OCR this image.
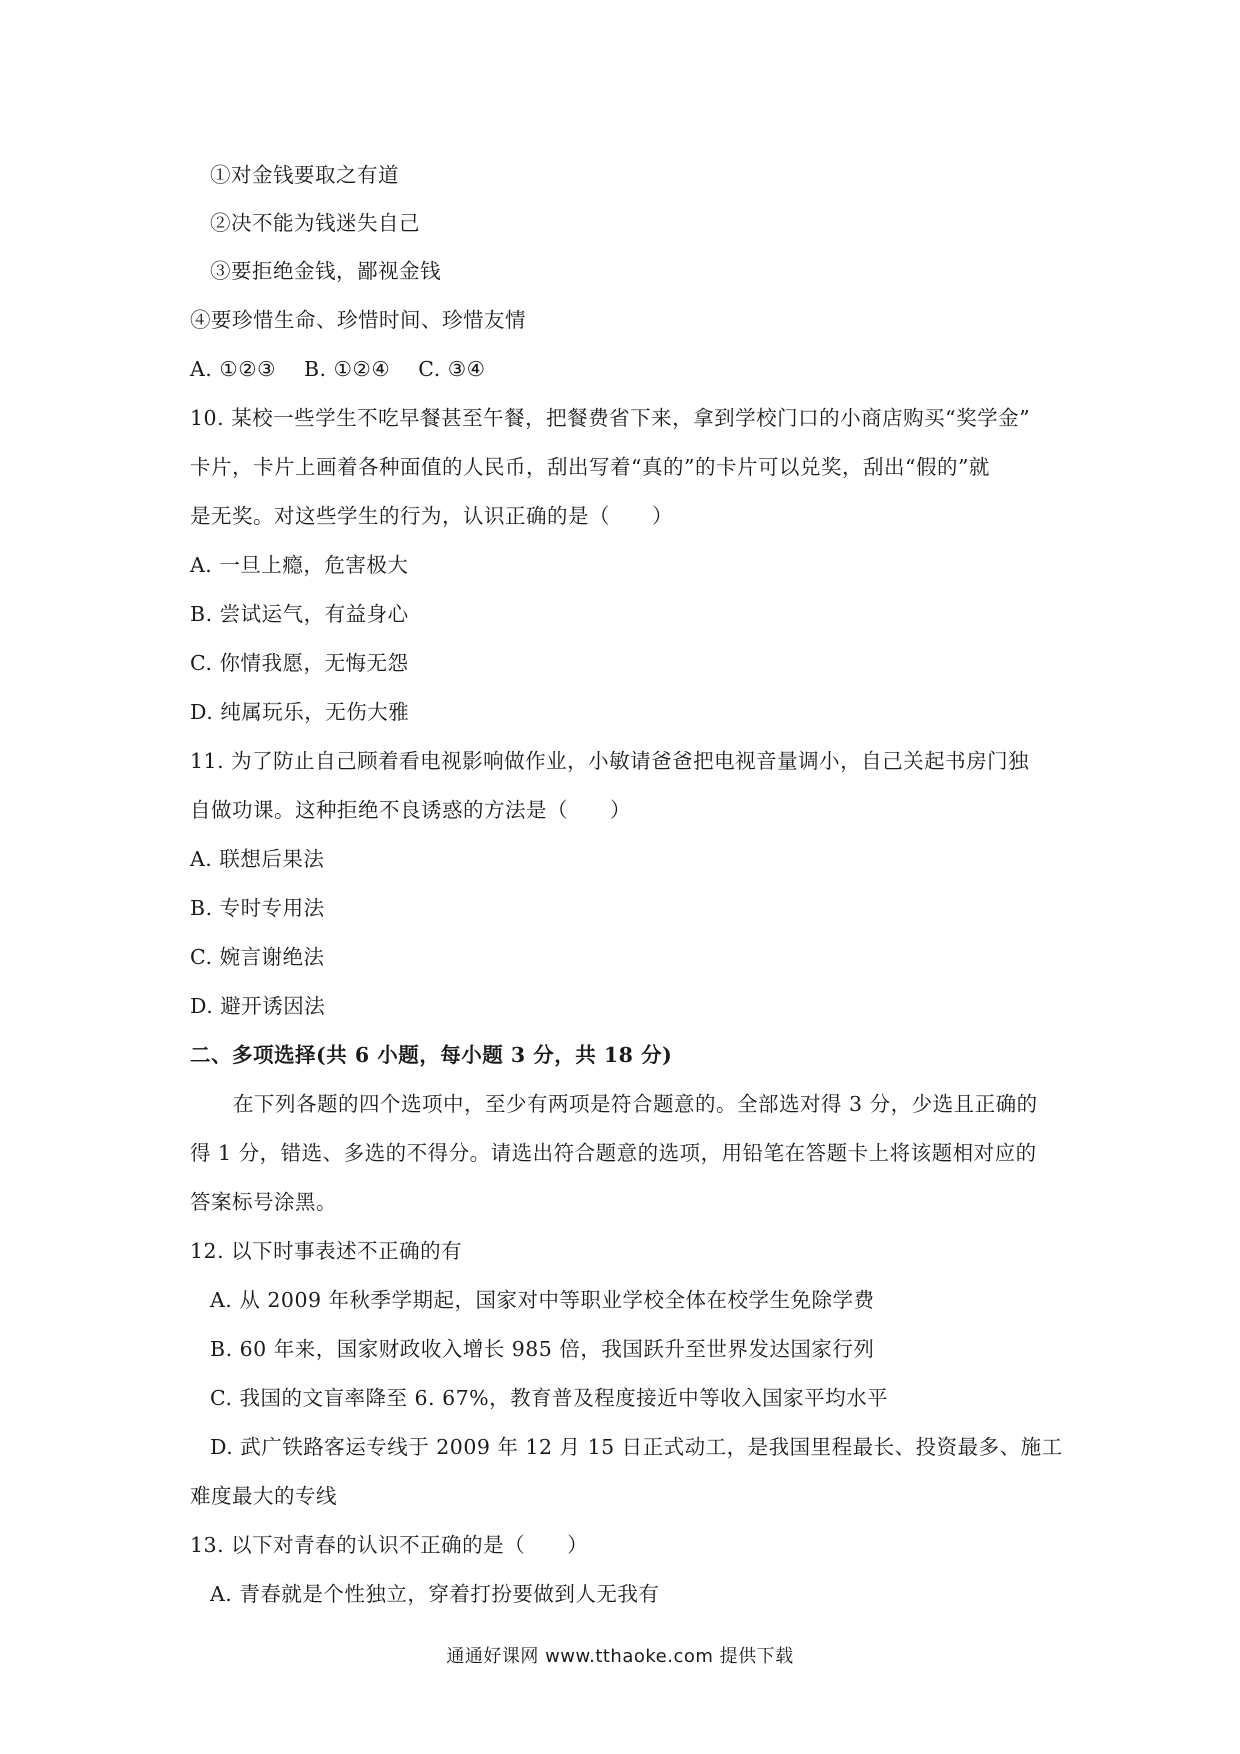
①对金钱要取之有道
②决不能为钱迷失自己
③要拒绝金钱，鄙视金钱
④要珍惜生命、珍惜时间、珍惜友情
A. ①②③　 B. ①②④　 C. ③④
10. 某校一些学生不吃早餐甚至午餐，把餐费省下来，拿到学校门口的小商店购买“奖学金”
卡片，卡片上画着各种面值的人民币，刮出写着“真的”的卡片可以兑奖，刮出“假的”就
是无奖。对这些学生的行为，认识正确的是（　　）
A. 一旦上瘾，危害极大
B. 尝试运气，有益身心
C. 你情我愿，无悔无怨
D. 纯属玩乐，无伤大雅
11. 为了防止自己顾着看电视影响做作业，小敏请爸爸把电视音量调小，自己关起书房门独
自做功课。这种拒绝不良诱惑的方法是（　　）
A. 联想后果法
B. 专时专用法
C. 婉言谢绝法
D. 避开诱因法
二、多项选择(共 6 小题，每小题 3 分，共 18 分)
在下列各题的四个选项中，至少有两项是符合题意的。全部选对得 3 分，少选且正确的
得 1 分，错选、多选的不得分。请选出符合题意的选项，用铅笔在答题卡上将该题相对应的
答案标号涂黑。
12. 以下时事表述不正确的有
A. 从 2009 年秋季学期起，国家对中等职业学校全体在校学生免除学费
B. 60 年来，国家财政收入增长 985 倍，我国跃升至世界发达国家行列
C. 我国的文盲率降至 6. 67%，教育普及程度接近中等收入国家平均水平
D. 武广铁路客运专线于 2009 年 12 月 15 日正式动工，是我国里程最长、投资最多、施工
难度最大的专线
13. 以下对青春的认识不正确的是（　　）
A. 青春就是个性独立，穿着打扮要做到人无我有
通通好课网 www.tthaoke.com 提供下载
